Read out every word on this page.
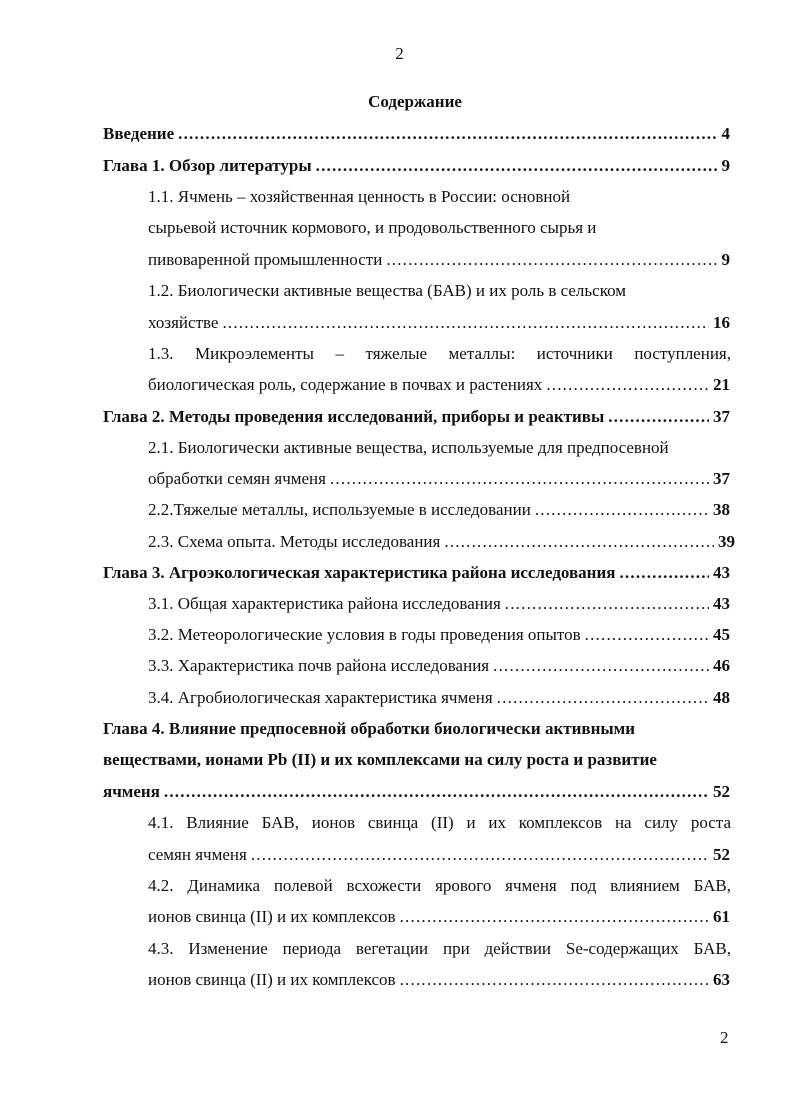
2
Содержание
Введение .....	4
Глава 1. Обзор литературы .....	9
1.1. Ячмень – хозяйственная ценность в России: основной
сырьевой источник кормового, и продовольственного сырья и
пивоваренной промышленности .....	9
1.2. Биологически активные вещества (БАВ) и их роль в сельском
хозяйстве .....	16
1.3. Микроэлементы – тяжелые металлы: источники поступления,
биологическая роль, содержание в почвах и растениях .....	21
Глава 2. Методы проведения исследований, приборы и реактивы .....	37
2.1. Биологически активные вещества, используемые для предпосевной
обработки семян ячменя .....	37
2.2.Тяжелые металлы, используемые в исследовании .....	38
2.3. Схема опыта. Методы исследования .....	39
Глава 3. Агроэкологическая характеристика района исследования .....	43
3.1. Общая характеристика района исследования .....	43
3.2. Метеорологические условия в годы проведения опытов .....	45
3.3. Характеристика почв района исследования .....	46
3.4. Агробиологическая характеристика ячменя .....	48
Глава 4. Влияние предпосевной обработки биологически активными
веществами, ионами Pb (II) и их комплексами на силу роста и развитие
ячменя .....	52
4.1. Влияние БАВ, ионов свинца (II) и их комплексов на силу роста
семян ячменя .....	52
4.2. Динамика полевой всхожести ярового ячменя под влиянием БАВ,
ионов свинца (II) и их комплексов .....	61
4.3. Изменение периода вегетации при действии Se-содержащих БАВ,
ионов свинца (II) и их комплексов .....	63
2
